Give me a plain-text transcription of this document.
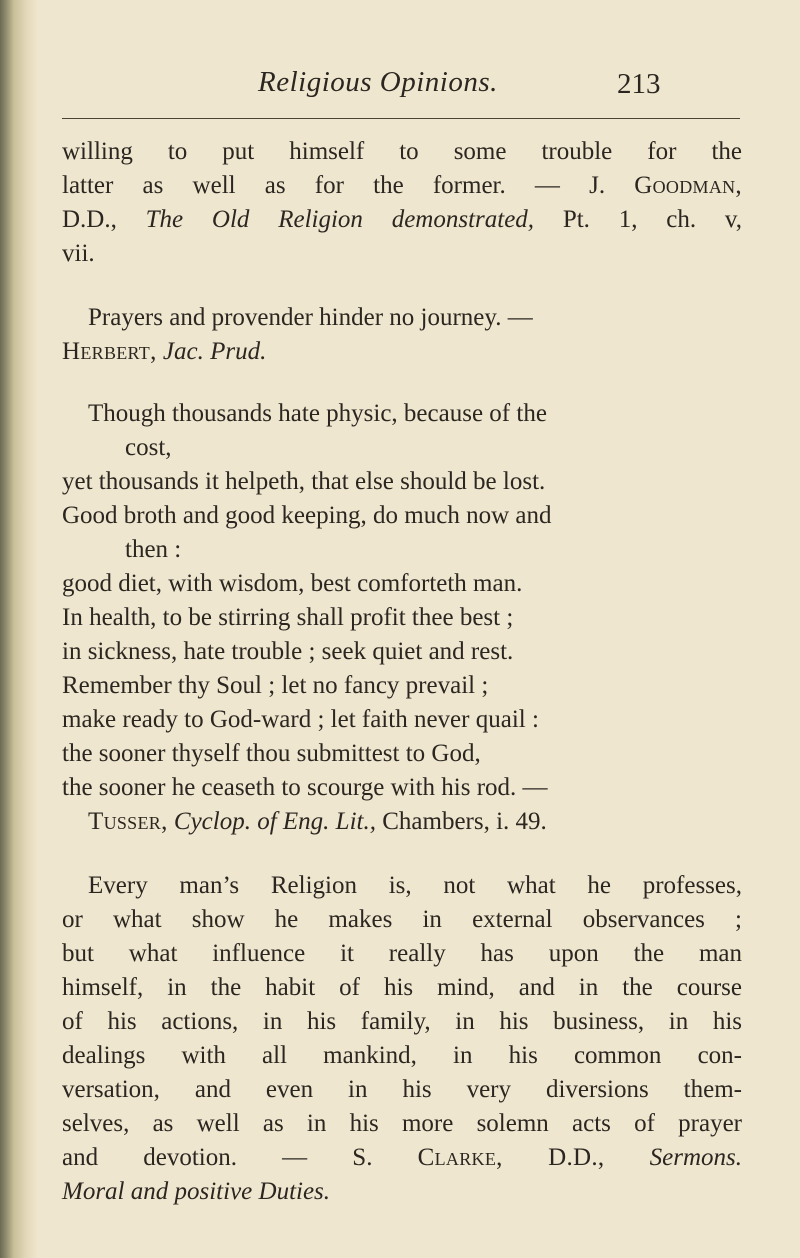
Religious Opinions.	213
willing to put himself to some trouble for the
latter as well as for the former. — J. Goodman,
D.D., The Old Religion demonstrated, Pt. 1, ch. v,
vii.
Prayers and provender hinder no journey. —
Herbert, Jac. Prud.
Though thousands hate physic, because of the
cost,
yet thousands it helpeth, that else should be lost.
Good broth and good keeping, do much now and
then :
good diet, with wisdom, best comforteth man.
In health, to be stirring shall profit thee best ;
in sickness, hate trouble ; seek quiet and rest.
Remember thy Soul ; let no fancy prevail ;
make ready to God-ward ; let faith never quail :
the sooner thyself thou submittest to God,
the sooner he ceaseth to scourge with his rod. —
Tusser, Cyclop. of Eng. Lit., Chambers, i. 49.
Every man’s Religion is, not what he professes,
or what show he makes in external observances ;
but what influence it really has upon the man
himself, in the habit of his mind, and in the course
of his actions, in his family, in his business, in his
dealings with all mankind, in his common con-
versation, and even in his very diversions them-
selves, as well as in his more solemn acts of prayer
and devotion. — S. Clarke, D.D., Sermons.
Moral and positive Duties.
